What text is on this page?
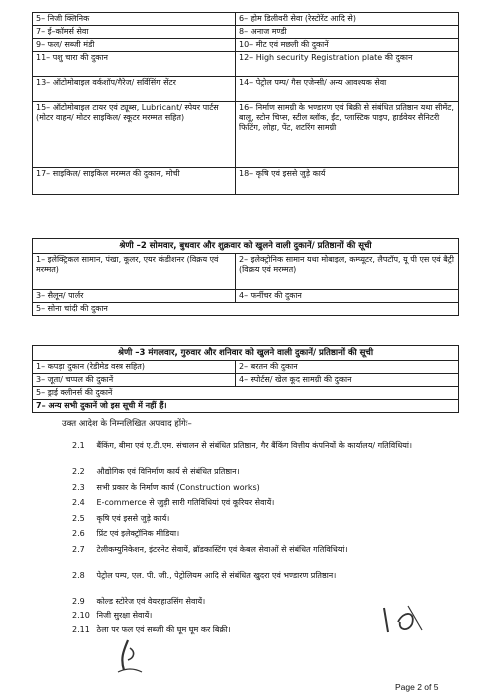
5– निजी क्लिनिक	6– होम डिलीवरी सेवा (रेस्टोरेंट आदि से)
7– ई–कॉमर्स सेवा	8– अनाज मण्डी
9– फल/ सब्जी मंडी	10– मीट एवं मछली की दुकानें
11– पशु चारा की दुकान	12– High security Registration plate की दुकान
13– ऑटोमोबाइल वर्कशॉप/गैरेज/ सर्विसिंग सेंटर	14– पेट्रोल पम्प/ गैस एजेन्सी/ अन्य आवश्यक सेवा
15– ऑटोमोबाइल टायर एवं ट्यूब्स, Lubricant/ स्पेयर पार्टस (मोटर वाहन/ मोटर साइकिल/ स्कूटर मरम्मत सहित)	16– निर्माण सामग्री के भण्डारण एवं बिक्री से संबंधित प्रतिष्ठान यथा सीमेंट, बालू, स्टोन चिप्स, स्टील ब्लॉक, ईंट, प्लास्टिक पाइप, हार्डवेयर सैनिटरी फिटिंग, लोहा, पेंट, शटरिंग सामग्री
17– साइकिल/ साइकिल मरम्मत की दुकान, मोची	18– कृषि एवं इससे जुड़े कार्य
श्रेणी –2 सोमवार, बुधवार और शुक्रवार को खुलने वाली दुकानें/ प्रतिष्ठानों की सूची	
1– इलेक्ट्रिकल सामान, पंखा, कूलर, एयर कंडीशनर (विक्रय एवं मरम्मत)	2– इलेक्ट्रोनिक सामान यथा मोबाइल, कम्प्यूटर, लैपटॉप, यू पी एस एवं बैट्री (विक्रय एवं मरम्मत)
3– सैलून/ पार्लर	4– फर्नीचर की दुकान
5– सोना चांदी की दुकान	
श्रेणी –3 मंगलवार, गुरुवार और शनिवार को खुलने वाली दुकानें/ प्रतिष्ठानों की सूची	
1– कपड़ा दुकान (रेडीमेड वस्त्र सहित)	2– बरतन की दुकान
3– जूता/ चप्पल की दुकानें	4– स्पोर्टस/ खेल कूद सामग्री की दुकान
5– ड्राई क्लीनर्स की दुकानें	
7– अन्य सभी दुकानें जो इस सूची में नहीं हैं।	
उक्त आदेश के निम्नलिखित अपवाद होंगेः–
2.1 बैंकिंग, बीमा एवं ए.टी.एम. संचालन से संबंधित प्रतिष्ठान, गैर बैंकिंग वित्तीय कंपनियों के कार्यालय/ गतिविधियां।
2.2 औद्योगिक एवं विनिर्माण कार्य से संबंधित प्रतिष्ठान।
2.3 सभी प्रकार के निर्माण कार्य (Construction works)
2.4 E-commerce से जुड़ी सारी गतिविधियां एवं कूरियर सेवायें।
2.5 कृषि एवं इससे जुड़े कार्य।
2.6 प्रिंट एवं इलेक्ट्रॉनिक मीडिया।
2.7 टेलीकम्युनिकेशन, इंटरनेट सेवायें, ब्रॉडकास्टिंग एवं केबल सेवाओं से संबंधित गतिविधियां।
2.8 पेट्रोल पम्प, एल. पी. जी., पेट्रोलियम आदि से संबंधित खुदरा एवं भण्डारण प्रतिष्ठान।
2.9 कोल्ड स्टोरेज एवं वेयरहाउसिंग सेवायें।
2.10 निजी सुरक्षा सेवायें।
2.11 ठेला पर फल एवं सब्जी की घूम घूम कर बिक्री।
Page 2 of 5
